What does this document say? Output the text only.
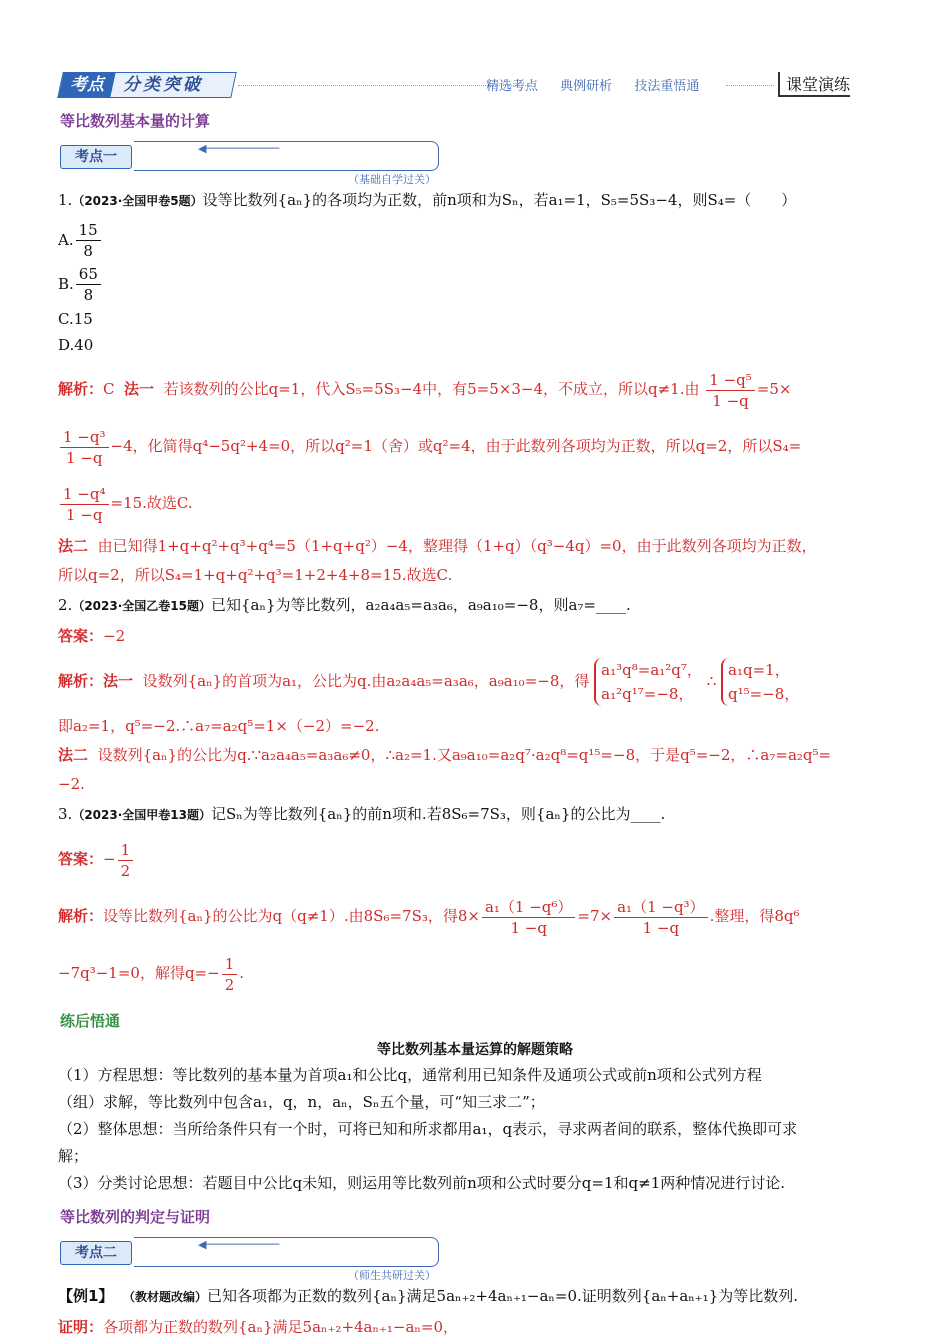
考点 分类突破	精选考点 典例研析 技法重悟通	课堂演练
等比数列基本量的计算
考点一
◀───────────
（基础自学过关）
1.（2023·全国甲卷5题）设等比数列{aₙ}的各项均为正数，前n项和为Sₙ，若a₁=1，S₅=5S₃−4，则S₄=（　　）
A. $\frac{15}{8}$
B. $\frac{65}{8}$
C.15
D.40
解析：C 法一 若该数列的公比q=1，代入S₅=5S₃−4中，有5=5×3−4，不成立，所以q≠1.由 $\frac{\text{1 −q⁵}}{1 -q} =5\times$
$\frac{\text{1 −q³}}{1 -q} -4$，化简得q⁴−5q²+4=0，所以q²=1（舍）或q²=4，由于此数列各项均为正数，所以q=2，所以S₄=
$\frac{\text{1 −q⁴}}{1 -q} =15$.故选C.
法二 由已知得1+q+q²+q³+q⁴=5（1+q+q²）−4，整理得（1+q）（q³−4q）=0，由于此数列各项均为正数，
所以q=2，所以S₄=1+q+q²+q³=1+2+4+8=15.故选C.
2.（2023·全国乙卷15题）已知{aₙ}为等比数列，a₂a₄a₅=a₃a₆，a₉a₁₀=−8，则a₇=____.
答案：−2
解析：法一 设数列{aₙ}的首项为a₁，公比为q.由a₂a₄a₅=a₃a₆，a₉a₁₀=−8，得
a₁³q⁸=a₁²q⁷，
a₁²q¹⁷=−8，
∴
a₁q=1，
q¹⁵=−8，
即a₂=1，q⁵=−2.∴a₇=a₂q⁵=1×（−2）=−2.
法二 设数列{aₙ}的公比为q.∵a₂a₄a₅=a₃a₆≠0，∴a₂=1.又a₉a₁₀=a₂q⁷·a₂q⁸=q¹⁵=−8，于是q⁵=−2，∴a₇=a₂q⁵=
−2.
3.（2023·全国甲卷13题）记Sₙ为等比数列{aₙ}的前n项和.若8S₆=7S₃，则{aₙ}的公比为____.
答案：− $\frac{1}{2}$
解析：设等比数列{aₙ}的公比为q（q≠1）.由8S₆=7S₃，得$8\times \frac{\text{a₁（1 −q⁶）}}{1 -q} =7\times \frac{\text{a₁（1 −q³）}}{1 -q}$ .整理，得8q⁶
−7q³−1=0，解得$q=- \frac{1}{2}$ .
练后悟通
等比数列基本量运算的解题策略

（1）方程思想：等比数列的基本量为首项a₁和公比q，通常利用已知条件及通项公式或前n项和公式列方程

（组）求解，等比数列中包含a₁，q，n，aₙ，Sₙ五个量，可“知三求二”；

（2）整体思想：当所给条件只有一个时，可将已知和所求都用a₁，q表示，寻求两者间的联系，整体代换即可求

解；

（3）分类讨论思想：若题目中公比q未知，则运用等比数列前n项和公式时要分q=1和q≠1两种情况进行讨论.

等比数列的判定与证明
考点二
◀───────────
（师生共研过关）
【例1】 （教材题改编）已知各项都为正数的数列{aₙ}满足5aₙ₊₂+4aₙ₊₁−aₙ=0.证明数列{aₙ+aₙ₊₁}为等比数列.
证明：各项都为正数的数列{aₙ}满足5aₙ₊₂+4aₙ₊₁−aₙ=0，
